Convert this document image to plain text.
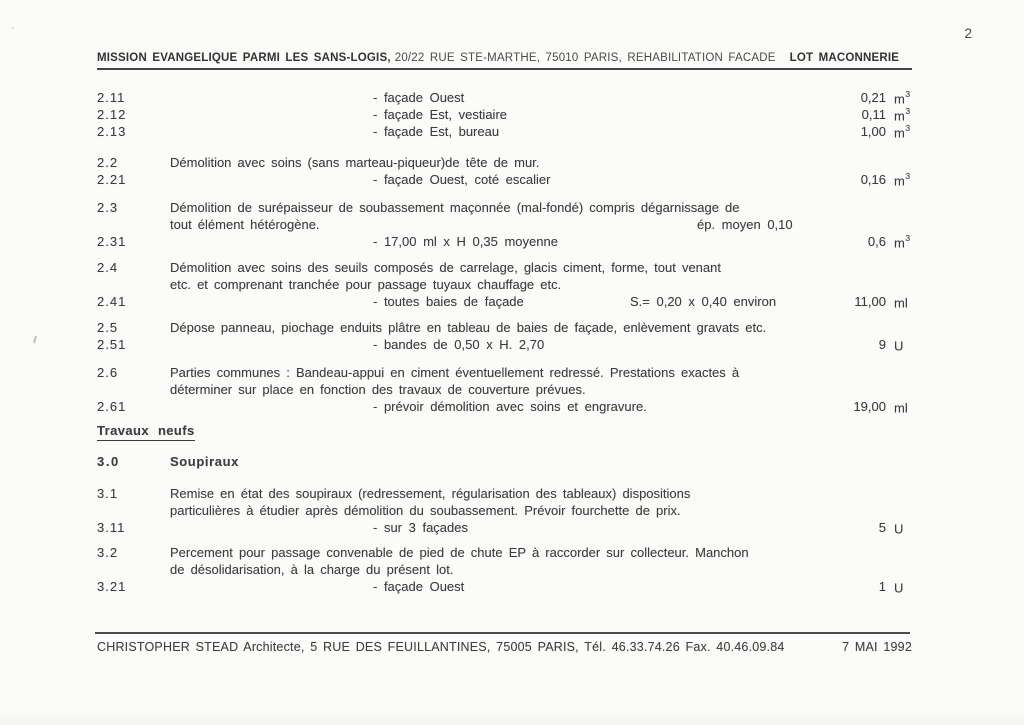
2
MISSION EVANGELIQUE PARMI LES SANS-LOGIS, 20/22 RUE STE-MARTHE, 75010 PARIS, REHABILITATION FACADE LOT MACONNERIE
2.11	- façade Ouest	0,21 $m^3$
2.12	- façade Est, vestiaire	0,11 $m^3$
2.13	- façade Est, bureau	1,00 $m^3$
2.2	Démolition avec soins (sans marteau-piqueur)de tête de mur.
2.21	- façade Ouest, coté escalier	0,16 $m^3$
2.3	Démolition de surépaisseur de soubassement maçonnée (mal-fondé) compris dégarnissage de
tout élément hétérogène.	ép. moyen 0,10
2.31	- 17,00 ml x H 0,35 moyenne	0,6 $m^3$
2.4	Démolition avec soins des seuils composés de carrelage, glacis ciment, forme, tout venant
etc. et comprenant tranchée pour passage tuyaux chauffage etc.
2.41	- toutes baies de façade	S.= 0,20 x 0,40 environ	11,00 ml
2.5	Dépose panneau, piochage enduits plâtre en tableau de baies de façade, enlèvement gravats etc.
2.51	- bandes de 0,50 x H. 2,70	9 U
2.6	Parties communes : Bandeau-appui en ciment éventuellement redressé. Prestations exactes à
déterminer sur place en fonction des travaux de couverture prévues.
2.61	- prévoir démolition avec soins et engravure.	19,00 ml
Travaux neufs
3.0	Soupiraux
3.1	Remise en état des soupiraux (redressement, régularisation des tableaux) dispositions
particulières à étudier après démolition du soubassement. Prévoir fourchette de prix.
3.11	- sur 3 façades	5 U
3.2	Percement pour passage convenable de pied de chute EP à raccorder sur collecteur. Manchon
de désolidarisation, à la charge du présent lot.
3.21	- façade Ouest	1 U
CHRISTOPHER STEAD Architecte, 5 RUE DES FEUILLANTINES, 75005 PARIS, Tél. 46.33.74.26 Fax. 40.46.09.84	7 MAI 1992
